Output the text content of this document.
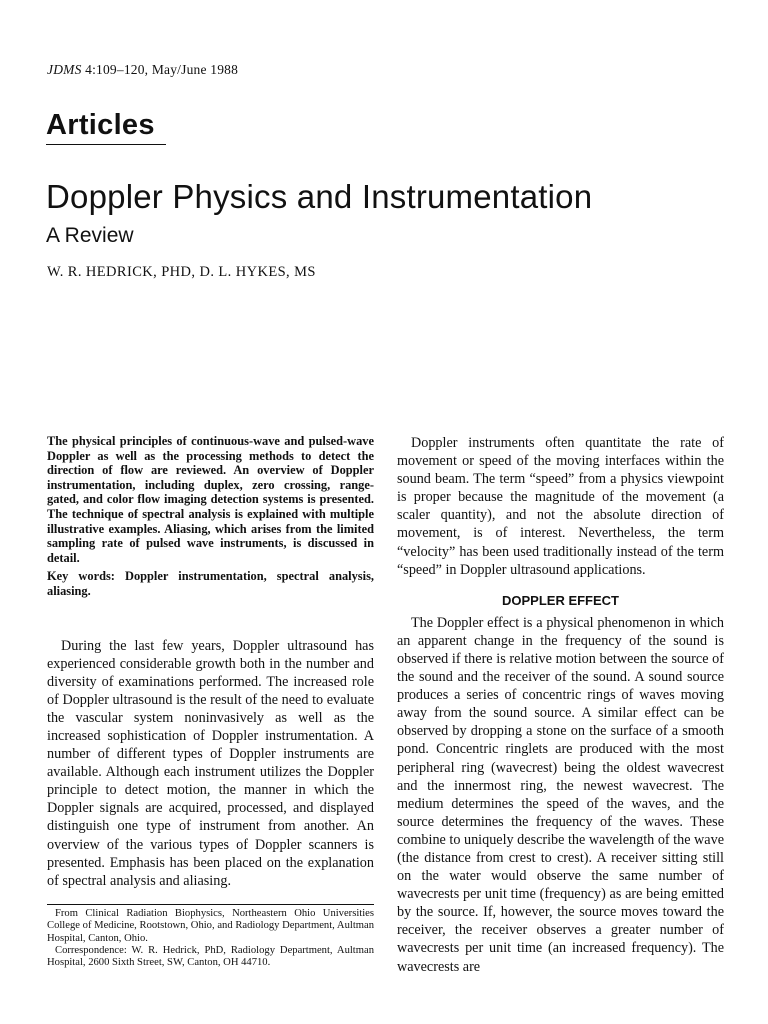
JDMS 4:109–120, May/June 1988
Articles
Doppler Physics and Instrumentation
A Review
W. R. HEDRICK, PHD, D. L. HYKES, MS

The physical principles of continuous-wave and pulsed-wave Doppler as well as the processing methods to detect the direction of flow are reviewed. An overview of Doppler instrumentation, including duplex, zero crossing, range-gated, and color flow imaging detection systems is presented. The technique of spectral analysis is explained with multiple illustrative examples. Aliasing, which arises from the limited sampling rate of pulsed wave instruments, is discussed in detail.

Key words: Doppler instrumentation, spectral analysis, aliasing.

During the last few years, Doppler ultrasound has experienced considerable growth both in the number and diversity of examinations performed. The increased role of Doppler ultrasound is the result of the need to evaluate the vascular system noninvasively as well as the increased sophistication of Doppler instrumentation. A number of different types of Doppler instruments are available. Although each instrument utilizes the Doppler principle to detect motion, the manner in which the Doppler signals are acquired, processed, and displayed distinguish one type of instrument from another. An overview of the various types of Doppler scanners is presented. Emphasis has been placed on the explanation of spectral analysis and aliasing.

From Clinical Radiation Biophysics, Northeastern Ohio Universities College of Medicine, Rootstown, Ohio, and Radiology Department, Aultman Hospital, Canton, Ohio.

Correspondence: W. R. Hedrick, PhD, Radiology Department, Aultman Hospital, 2600 Sixth Street, SW, Canton, OH 44710.

Doppler instruments often quantitate the rate of movement or speed of the moving interfaces within the sound beam. The term “speed” from a physics viewpoint is proper because the magnitude of the movement (a scaler quantity), and not the absolute direction of movement, is of interest. Nevertheless, the term “velocity” has been used traditionally instead of the term “speed” in Doppler ultrasound applications.

DOPPLER EFFECT

The Doppler effect is a physical phenomenon in which an apparent change in the frequency of the sound is observed if there is relative motion between the source of the sound and the receiver of the sound. A sound source produces a series of concentric rings of waves moving away from the sound source. A similar effect can be observed by dropping a stone on the surface of a smooth pond. Concentric ringlets are produced with the most peripheral ring (wavecrest) being the oldest wavecrest and the innermost ring, the newest wavecrest. The medium determines the speed of the waves, and the source determines the frequency of the waves. These combine to uniquely describe the wavelength of the wave (the distance from crest to crest). A receiver sitting still on the water would observe the same number of wavecrests per unit time (frequency) as are being emitted by the source. If, however, the source moves toward the receiver, the receiver observes a greater number of wavecrests per unit time (an increased frequency). The wavecrests are
